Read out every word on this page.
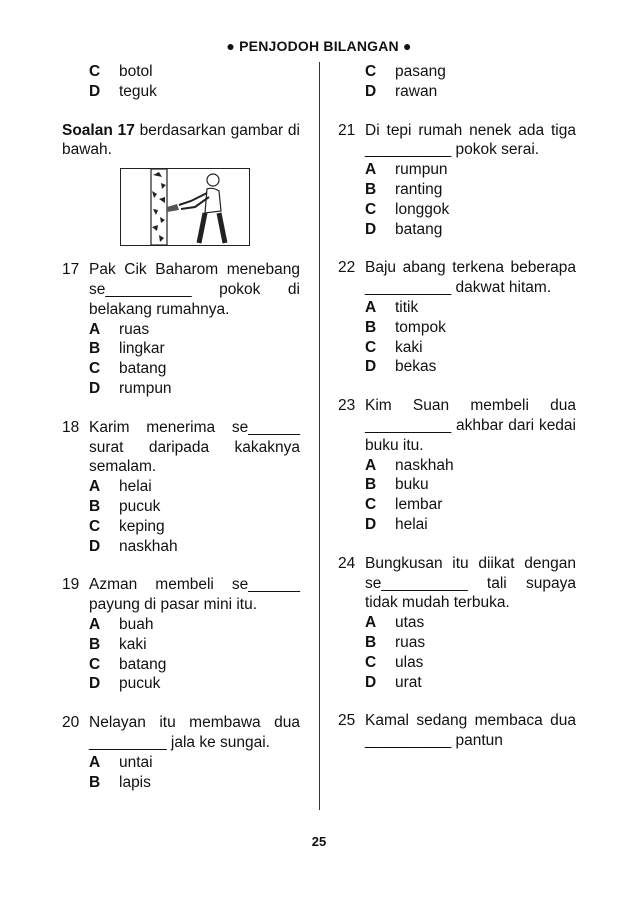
● PENJODOH BILANGAN ●
C	botol
D	teguk
Soalan 17 berdasarkan gambar di bawah.
17 Pak Cik Baharom menebang se__________ pokok di belakang rumahnya.
A	ruas
B	lingkar
C	batang
D	rumpun
18 Karim menerima se______ surat daripada kakaknya semalam.
A	helai
B	pucuk
C	keping
D	naskhah
19 Azman membeli se______ payung di pasar mini itu.
A	buah
B	kaki
C	batang
D	pucuk
20 Nelayan itu membawa dua _________ jala ke sungai.
A	untai
B	lapis
C	pasang
D	rawan
21 Di tepi rumah nenek ada tiga __________ pokok serai.
A	rumpun
B	ranting
C	longgok
D	batang
22 Baju abang terkena beberapa __________ dakwat hitam.
A	titik
B	tompok
C	kaki
D	bekas
23 Kim Suan membeli dua __________ akhbar dari kedai buku itu.
A	naskhah
B	buku
C	lembar
D	helai
24 Bungkusan itu diikat dengan se__________ tali supaya tidak mudah terbuka.
A	utas
B	ruas
C	ulas
D	urat
25 Kamal sedang membaca dua __________ pantun
25
